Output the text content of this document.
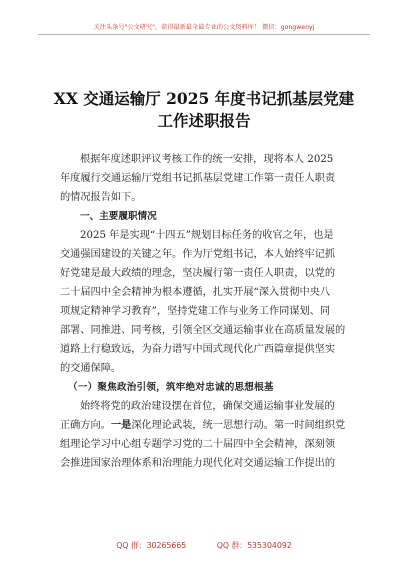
关注头条号"公文研究"，获得最新最全最专业的公文资料库！ 微信：gongwenyj
XX 交通运输厅 2025 年度书记抓基层党建
工作述职报告
根据年度述职评议考核工作的统一安排，现将本人 2025
年度履行交通运输厅党组书记抓基层党建工作第一责任人职责
的情况报告如下。
一、主要履职情况
2025 年是实现“十四五”规划目标任务的收官之年，也是
交通强国建设的关键之年。作为厅党组书记，本人始终牢记抓
好党建是最大政绩的理念，坚决履行第一责任人职责，以党的
二十届四中全会精神为根本遵循，扎实开展“深入贯彻中央八
项规定精神学习教育”，坚持党建工作与业务工作同谋划、同
部署、同推进、同考核，引领全区交通运输事业在高质量发展的
道路上行稳致远，为奋力谱写中国式现代化广西篇章提供坚实
的交通保障。
（一）聚焦政治引领，筑牢绝对忠诚的思想根基
始终将党的政治建设摆在首位，确保交通运输事业发展的
正确方向。一是深化理论武装，统一思想行动。第一时间组织党
组理论学习中心组专题学习党的二十届四中全会精神，深刻领
会推进国家治理体系和治理能力现代化对交通运输工作提出的
QQ 群：30265665	QQ 群：535304092
